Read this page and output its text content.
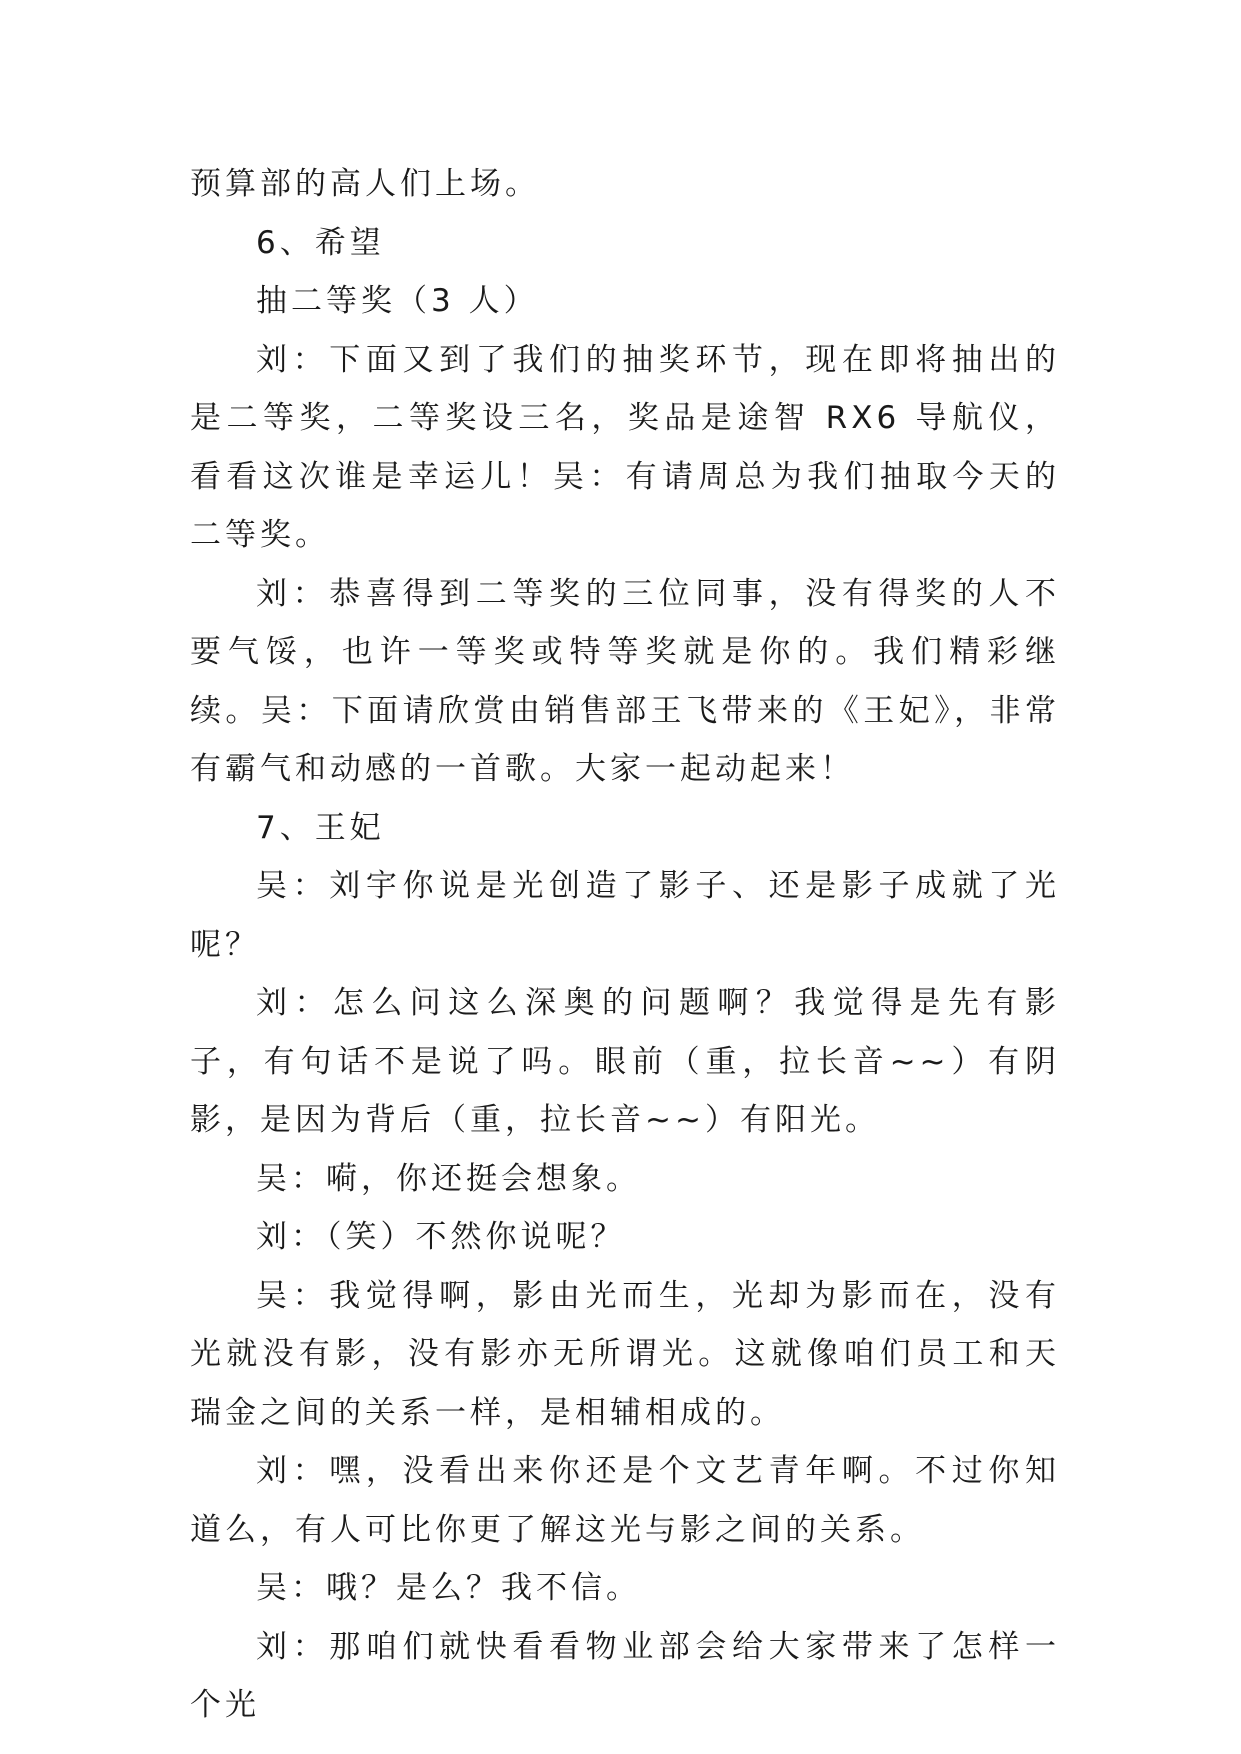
预算部的高人们上场。

6、希望

抽二等奖（3 人）

刘：下面又到了我们的抽奖环节，现在即将抽出的是二等奖，二等奖设三名，奖品是途智 RX6 导航仪，看看这次谁是幸运儿！吴：有请周总为我们抽取今天的二等奖。

刘：恭喜得到二等奖的三位同事，没有得奖的人不要气馁，也许一等奖或特等奖就是你的。我们精彩继续。吴：下面请欣赏由销售部王飞带来的《王妃》，非常有霸气和动感的一首歌。大家一起动起来！

7、王妃

吴：刘宇你说是光创造了影子、还是影子成就了光呢？

刘：怎么问这么深奥的问题啊？我觉得是先有影子，有句话不是说了吗。眼前（重，拉长音~~）有阴影，是因为背后（重，拉长音~~）有阳光。

吴：嗬，你还挺会想象。

刘：（笑）不然你说呢？

吴：我觉得啊，影由光而生，光却为影而在，没有光就没有影，没有影亦无所谓光。这就像咱们员工和天瑞金之间的关系一样，是相辅相成的。

刘：嘿，没看出来你还是个文艺青年啊。不过你知道么，有人可比你更了解这光与影之间的关系。

吴：哦？是么？我不信。

刘：那咱们就快看看物业部会给大家带来了怎样一个光
